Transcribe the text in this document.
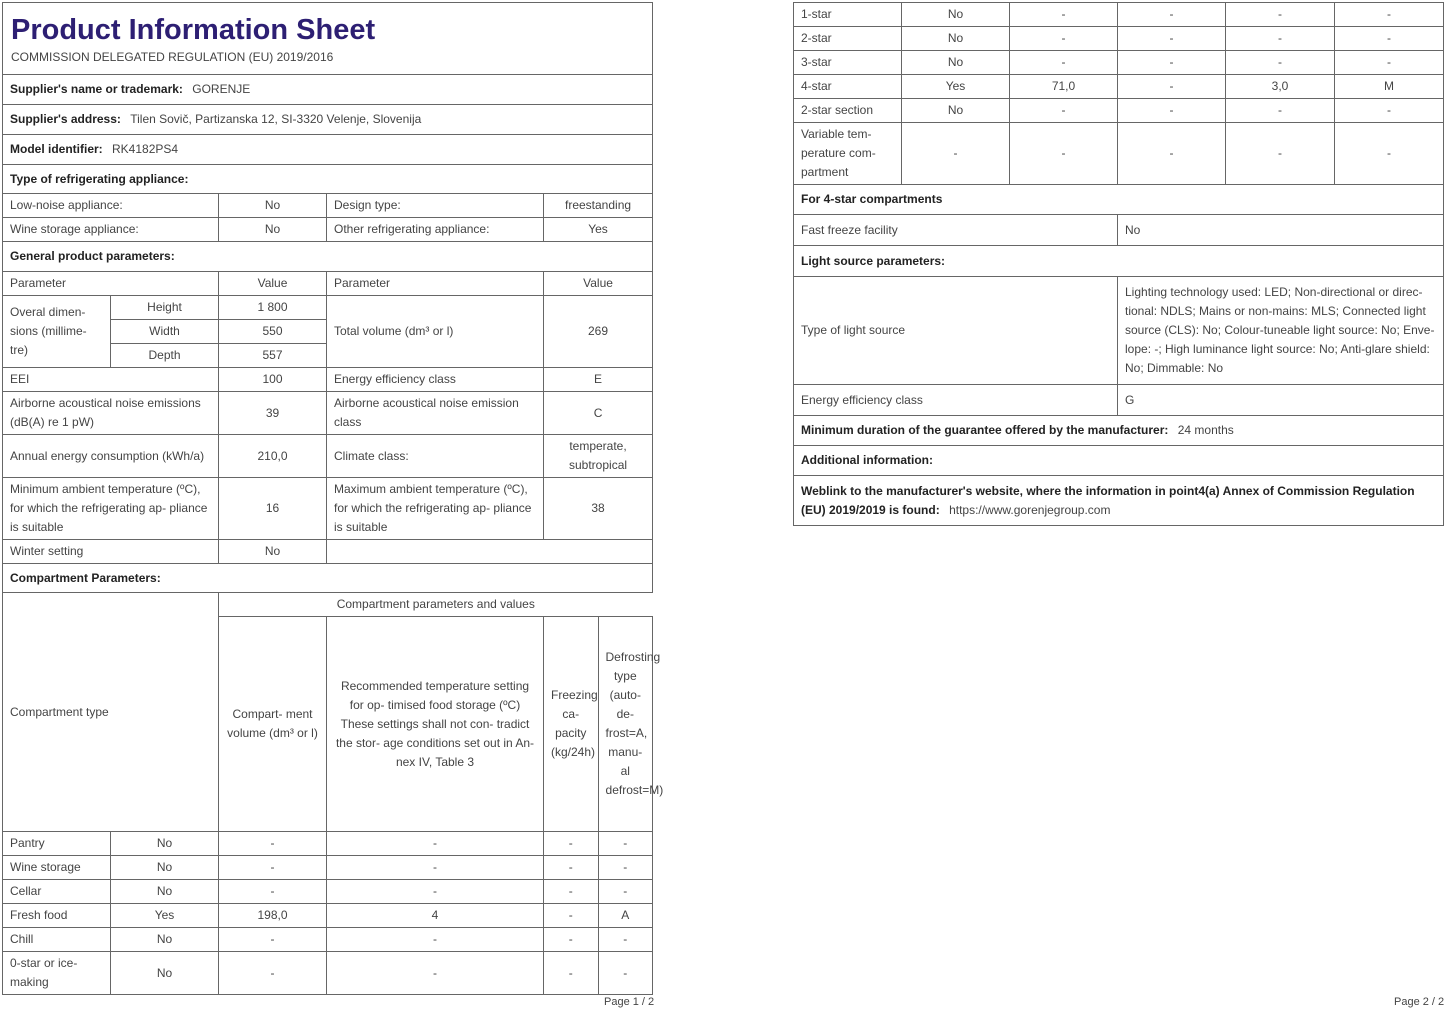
Product Information Sheet
COMMISSION DELEGATED REGULATION (EU) 2019/2016

Supplier's name or trademark: GORENJE
Supplier's address: Tilen Sovič, Partizanska 12, SI-3320 Velenje, Slovenija
Model identifier: RK4182PS4
Type of refrigerating appliance:
Low-noise appliance:	No	Design type:	freestanding
Wine storage appliance:	No	Other refrigerating appliance:	Yes
General product parameters:
Parameter	Value	Parameter	Value
Overal dimen- sions (millime- tre)	Height	1 800	Total volume (dm³ or l)	269
Width	550
Depth	557
EEI	100	Energy efficiency class	E
Airborne acoustical noise emissions (dB(A) re 1 pW)	39	Airborne acoustical noise emission class	C
Annual energy consumption (kWh/a)	210,0	Climate class:	temperate, subtropical
Minimum ambient temperature (ºC), for which the refrigerating ap- pliance is suitable	16	Maximum ambient temperature (ºC), for which the refrigerating ap- pliance is suitable	38
Winter setting	No	
Compartment Parameters:
Compartment type	Compartment parameters and values
Compart- ment volume (dm³ or l)	Recommended temperature setting for op- timised food storage (ºC) These settings shall not con- tradict the stor- age conditions set out in An- nex IV, Table 3	
Freezing ca- pacity (kg/24h)	Defrosting type (auto-de- frost=A, manu- al defrost=M)

Pantry	No	-	-		-	-

Wine storage	No	-	-		-	-

Cellar	No	-	-		-	-

Fresh food	Yes	198,0	4		-	A

Chill	No	-	-		-	-

0-star or ice- making	No	-	-		-	-
Page 1 / 2
1-star	No	-	-	-	-
2-star	No	-	-	-	-
3-star	No	-	-	-	-
4-star	Yes	71,0	-	3,0	M
2-star section	No	-	-	-	-
Variable tem- perature com- partment	-	-	-	-	-
For 4-star compartments					
Fast freeze facility			No		
Light source parameters:					
Type of light source			Lighting technology used: LED; Non-directional or direc- tional: NDLS; Mains or non-mains: MLS; Connected light source (CLS): No; Colour-tuneable light source: No; Enve- lope: -; High luminance light source: No; Anti-glare shield: No; Dimmable: No		
Energy efficiency class			G		
Minimum duration of the guarantee offered by the manufacturer: 24 months					
Additional information:					
Weblink to the manufacturer's website, where the information in point4(a) Annex of Commission Regulation (EU) 2019/2019 is found: https://www.gorenjegroup.com					
Page 2 / 2
